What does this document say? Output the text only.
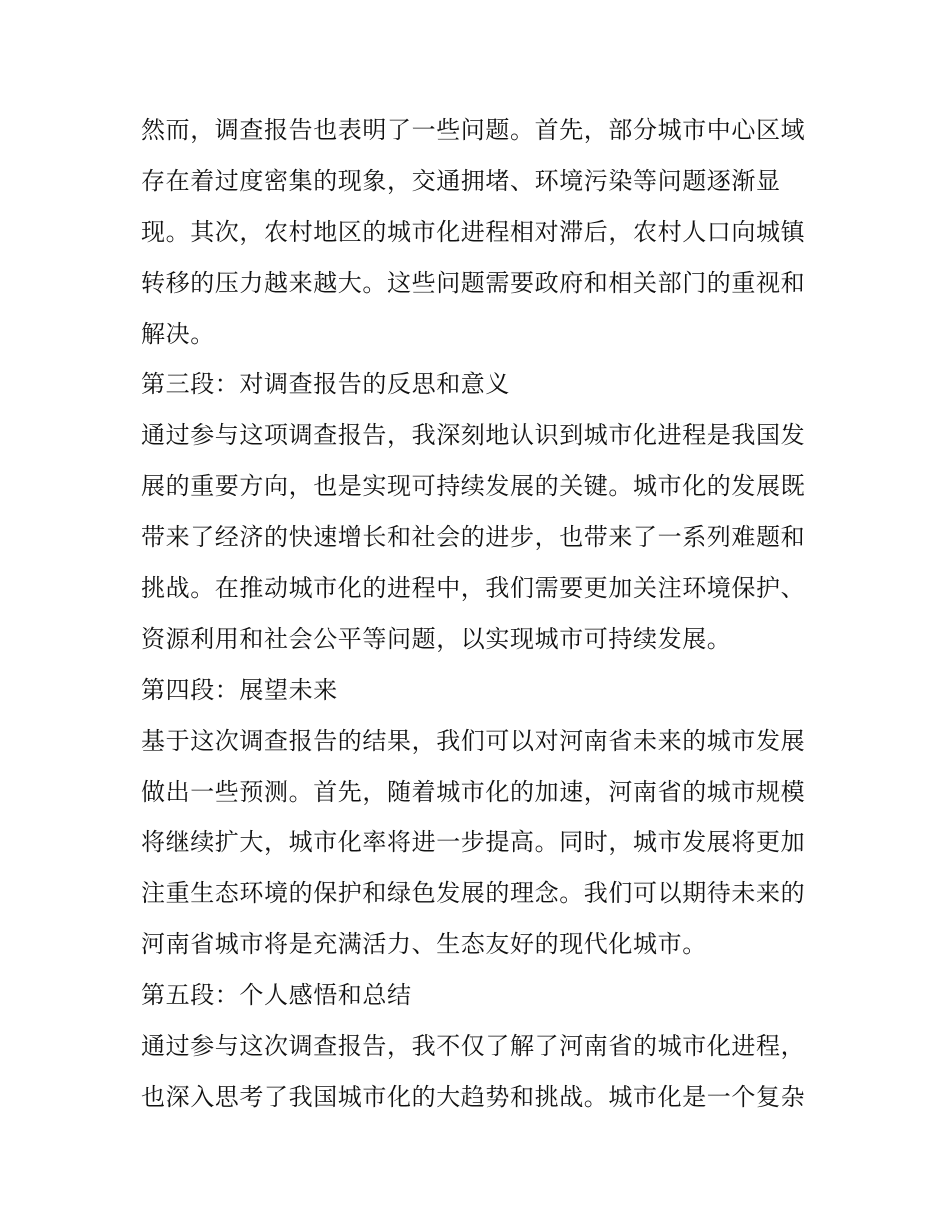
然而，调查报告也表明了一些问题。首先，部分城市中心区域
存在着过度密集的现象，交通拥堵、环境污染等问题逐渐显
现。其次，农村地区的城市化进程相对滞后，农村人口向城镇
转移的压力越来越大。这些问题需要政府和相关部门的重视和
解决。
第三段：对调查报告的反思和意义
通过参与这项调查报告，我深刻地认识到城市化进程是我国发
展的重要方向，也是实现可持续发展的关键。城市化的发展既
带来了经济的快速增长和社会的进步，也带来了一系列难题和
挑战。在推动城市化的进程中，我们需要更加关注环境保护、
资源利用和社会公平等问题，以实现城市可持续发展。
第四段：展望未来
基于这次调查报告的结果，我们可以对河南省未来的城市发展
做出一些预测。首先，随着城市化的加速，河南省的城市规模
将继续扩大，城市化率将进一步提高。同时，城市发展将更加
注重生态环境的保护和绿色发展的理念。我们可以期待未来的
河南省城市将是充满活力、生态友好的现代化城市。
第五段：个人感悟和总结
通过参与这次调查报告，我不仅了解了河南省的城市化进程，
也深入思考了我国城市化的大趋势和挑战。城市化是一个复杂
